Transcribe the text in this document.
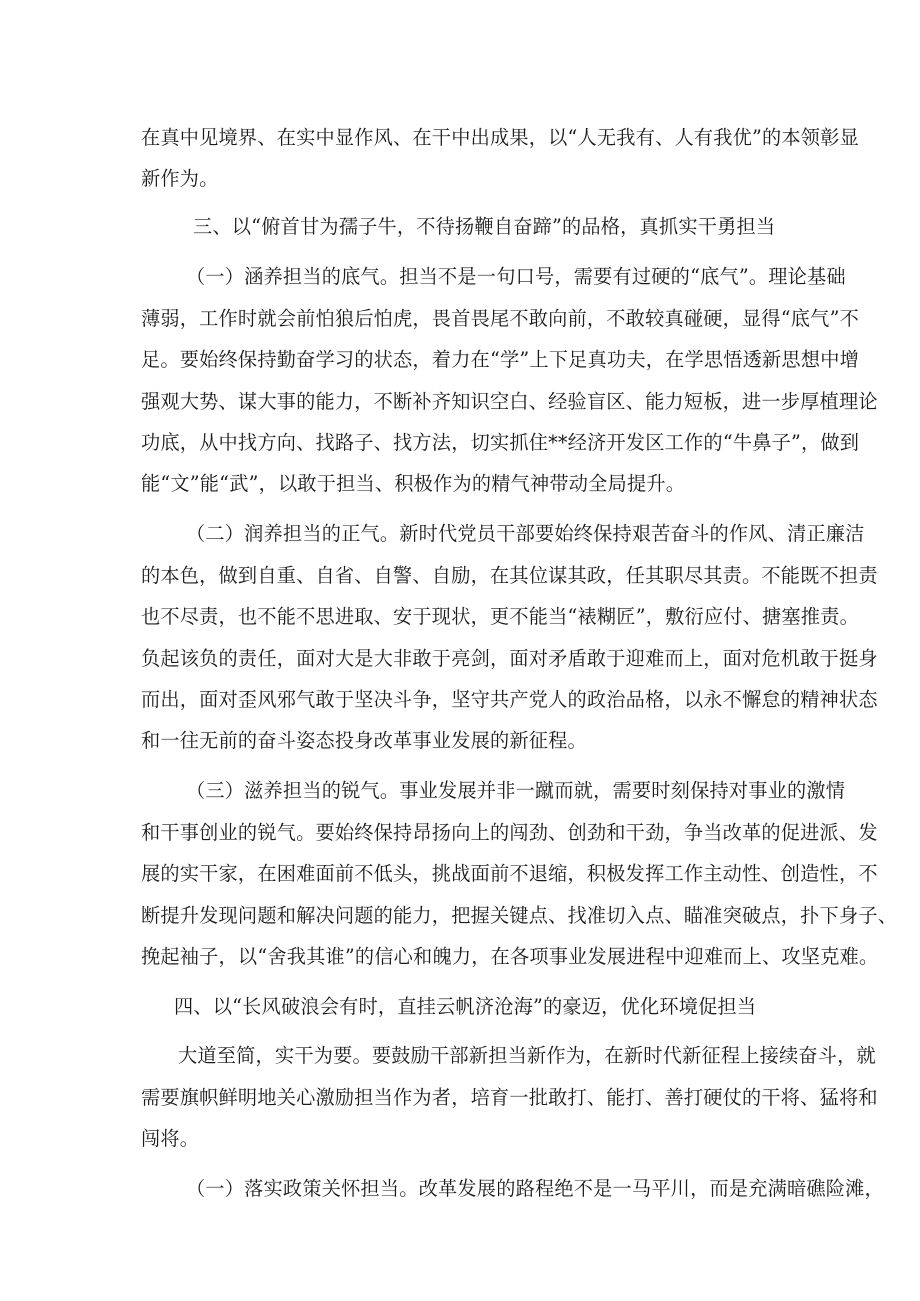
在真中见境界、在实中显作风、在干中出成果，以“人无我有、人有我优”的本领彰显
新作为。
三、以“俯首甘为孺子牛，不待扬鞭自奋蹄”的品格，真抓实干勇担当
（一）涵养担当的底气。担当不是一句口号，需要有过硬的“底气”。理论基础
薄弱，工作时就会前怕狼后怕虎，畏首畏尾不敢向前，不敢较真碰硬，显得“底气”不
足。要始终保持勤奋学习的状态，着力在“学”上下足真功夫，在学思悟透新思想中增
强观大势、谋大事的能力，不断补齐知识空白、经验盲区、能力短板，进一步厚植理论
功底，从中找方向、找路子、找方法，切实抓住**经济开发区工作的“牛鼻子”，做到
能“文”能“武”，以敢于担当、积极作为的精气神带动全局提升。
（二）润养担当的正气。新时代党员干部要始终保持艰苦奋斗的作风、清正廉洁
的本色，做到自重、自省、自警、自励，在其位谋其政，任其职尽其责。不能既不担责
也不尽责，也不能不思进取、安于现状，更不能当“裱糊匠”，敷衍应付、搪塞推责。
负起该负的责任，面对大是大非敢于亮剑，面对矛盾敢于迎难而上，面对危机敢于挺身
而出，面对歪风邪气敢于坚决斗争，坚守共产党人的政治品格，以永不懈怠的精神状态
和一往无前的奋斗姿态投身改革事业发展的新征程。
（三）滋养担当的锐气。事业发展并非一蹴而就，需要时刻保持对事业的激情
和干事创业的锐气。要始终保持昂扬向上的闯劲、创劲和干劲，争当改革的促进派、发
展的实干家，在困难面前不低头，挑战面前不退缩，积极发挥工作主动性、创造性，不
断提升发现问题和解决问题的能力，把握关键点、找准切入点、瞄准突破点，扑下身子、
挽起袖子，以“舍我其谁”的信心和魄力，在各项事业发展进程中迎难而上、攻坚克难。
四、以“长风破浪会有时，直挂云帆济沧海”的豪迈，优化环境促担当
大道至简，实干为要。要鼓励干部新担当新作为，在新时代新征程上接续奋斗，就
需要旗帜鲜明地关心激励担当作为者，培育一批敢打、能打、善打硬仗的干将、猛将和
闯将。
（一）落实政策关怀担当。改革发展的路程绝不是一马平川，而是充满暗礁险滩，
